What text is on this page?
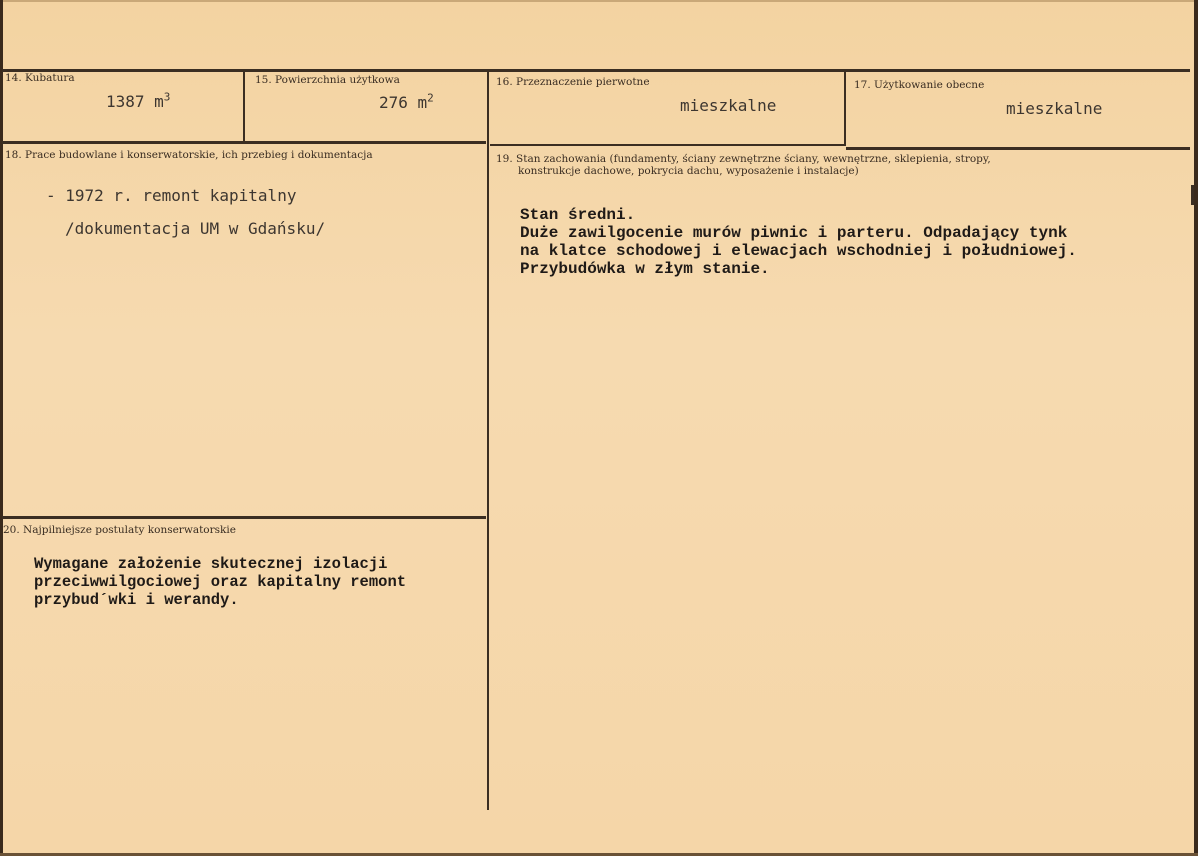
14. Kubatura
1387 $m^3$
15. Powierzchnia użytkowa
276 $m^2$
16. Przeznaczenie pierwotne
mieszkalne
17. Użytkowanie obecne
mieszkalne
18. Prace budowlane i konserwatorskie, ich przebieg i dokumentacja
- 1972 r. remont kapitalny
/dokumentacja UM w Gdańsku/
19. Stan zachowania (fundamenty, ściany zewnętrzne ściany, wewnętrzne, sklepienia, stropy,
konstrukcje dachowe, pokrycia dachu, wyposażenie i instalacje)
Stan średni.
Duże zawilgocenie murów piwnic i parteru. Odpadający tynk
na klatce schodowej i elewacjach wschodniej i południowej.
Przybudówka w złym stanie.
20. Najpilniejsze postulaty konserwatorskie
Wymagane założenie skutecznej izolacji
przeciwwilgociowej oraz kapitalny remont
przybud´wki i werandy.
